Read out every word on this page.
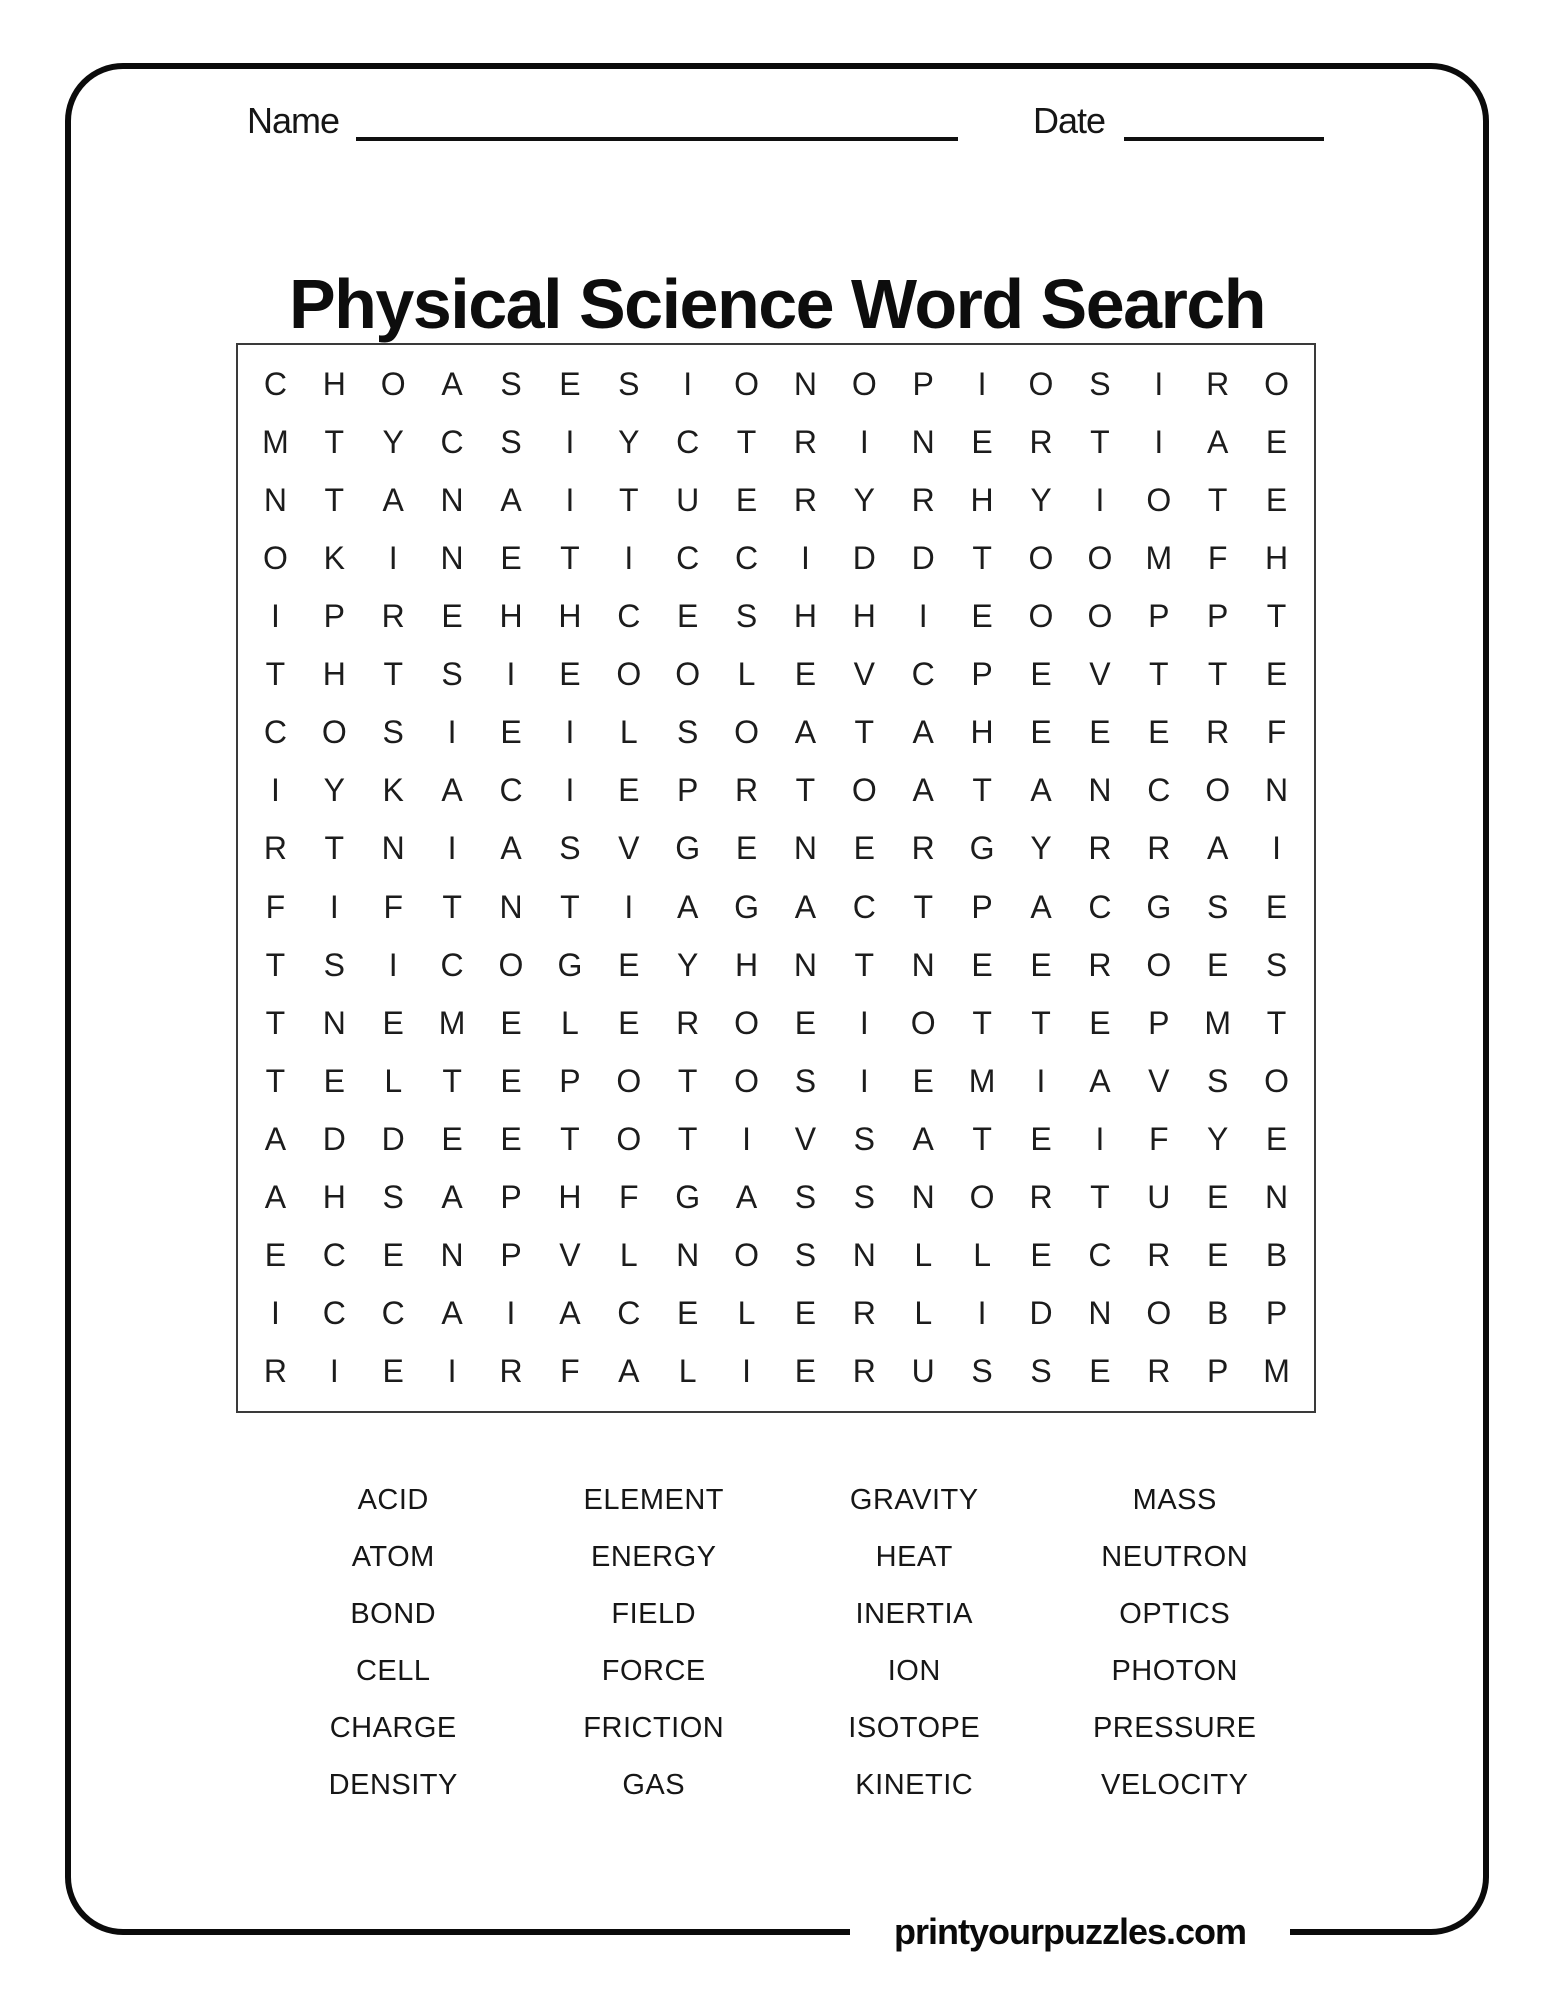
Name	Date
Physical Science Word Search
C	H	O	A	S	E	S	I	O	N	O	P	I	O	S	I	R	O
M	T	Y	C	S	I	Y	C	T	R	I	N	E	R	T	I	A	E
N	T	A	N	A	I	T	U	E	R	Y	R	H	Y	I	O	T	E
O	K	I	N	E	T	I	C	C	I	D	D	T	O	O	M	F	H
I	P	R	E	H	H	C	E	S	H	H	I	E	O	O	P	P	T
T	H	T	S	I	E	O	O	L	E	V	C	P	E	V	T	T	E
C	O	S	I	E	I	L	S	O	A	T	A	H	E	E	E	R	F
I	Y	K	A	C	I	E	P	R	T	O	A	T	A	N	C	O	N
R	T	N	I	A	S	V	G	E	N	E	R	G	Y	R	R	A	I
F	I	F	T	N	T	I	A	G	A	C	T	P	A	C	G	S	E
T	S	I	C	O	G	E	Y	H	N	T	N	E	E	R	O	E	S
T	N	E	M	E	L	E	R	O	E	I	O	T	T	E	P	M	T
T	E	L	T	E	P	O	T	O	S	I	E	M	I	A	V	S	O
A	D	D	E	E	T	O	T	I	V	S	A	T	E	I	F	Y	E
A	H	S	A	P	H	F	G	A	S	S	N	O	R	T	U	E	N
E	C	E	N	P	V	L	N	O	S	N	L	L	E	C	R	E	B
I	C	C	A	I	A	C	E	L	E	R	L	I	D	N	O	B	P
R	I	E	I	R	F	A	L	I	E	R	U	S	S	E	R	P	M
ACID	ELEMENT	GRAVITY	MASS
ATOM	ENERGY	HEAT	NEUTRON
BOND	FIELD	INERTIA	OPTICS
CELL	FORCE	ION	PHOTON
CHARGE	FRICTION	ISOTOPE	PRESSURE
DENSITY	GAS	KINETIC	VELOCITY
printyourpuzzles.com
